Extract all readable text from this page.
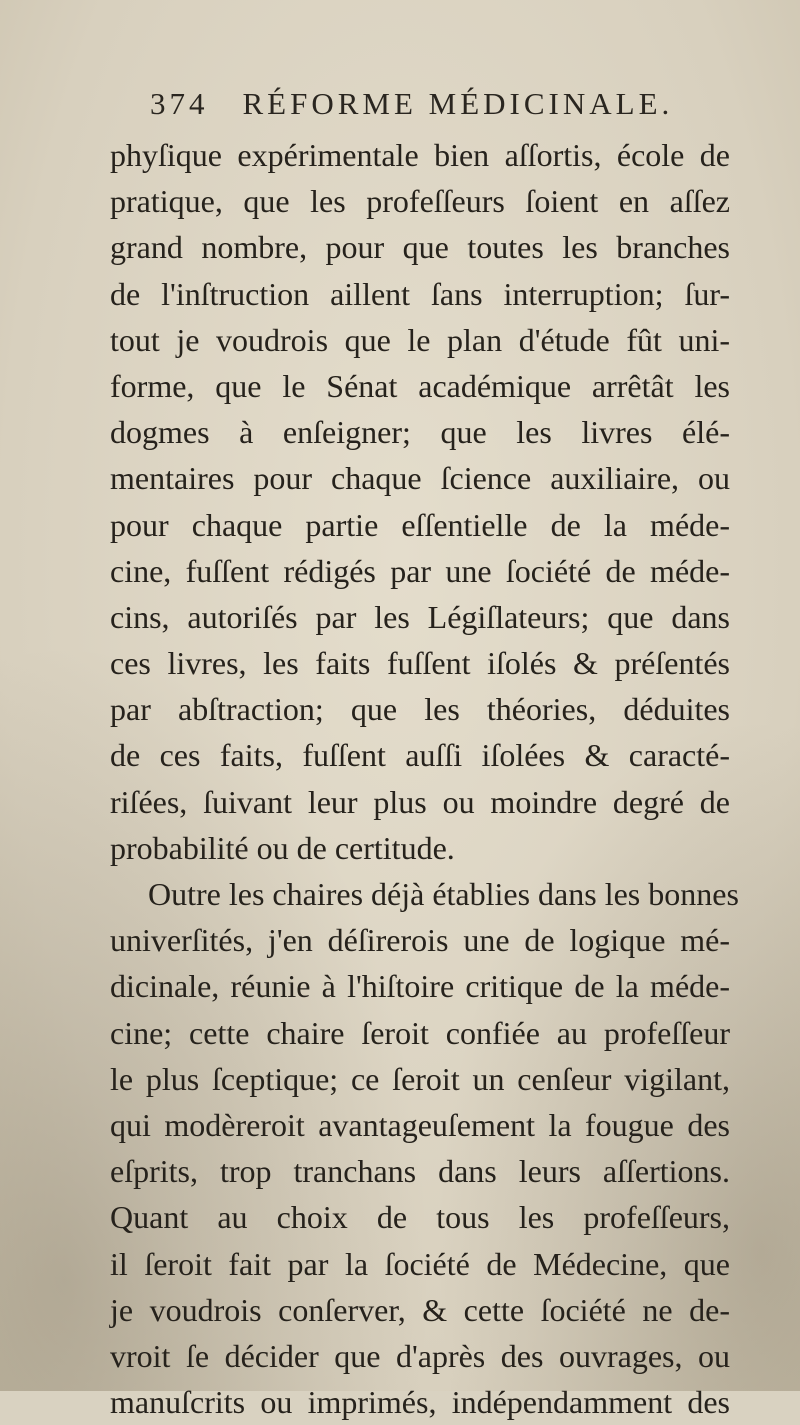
374 RÉFORME MÉDICINALE.
phyſique expérimentale bien aſſortis, école de
pratique, que les profeſſeurs ſoient en aſſez
grand nombre, pour que toutes les branches
de l'inſtruction aillent ſans interruption; ſur-
tout je voudrois que le plan d'étude fût uni-
forme, que le Sénat académique arrêtât les
dogmes à enſeigner; que les livres élé-
mentaires pour chaque ſcience auxiliaire, ou
pour chaque partie eſſentielle de la méde-
cine, fuſſent rédigés par une ſociété de méde-
cins, autoriſés par les Légiſlateurs; que dans
ces livres, les faits fuſſent iſolés & préſentés
par abſtraction; que les théories, déduites
de ces faits, fuſſent auſſi iſolées & caracté-
riſées, ſuivant leur plus ou moindre degré de
probabilité ou de certitude.
Outre les chaires déjà établies dans les bonnes
univerſités, j'en déſirerois une de logique mé-
dicinale, réunie à l'hiſtoire critique de la méde-
cine; cette chaire ſeroit confiée au profeſſeur
le plus ſceptique; ce ſeroit un cenſeur vigilant,
qui modèreroit avantageuſement la fougue des
eſprits, trop tranchans dans leurs aſſertions.
Quant au choix de tous les profeſſeurs,
il ſeroit fait par la ſociété de Médecine, que
je voudrois conſerver, & cette ſociété ne de-
vroit ſe décider que d'après des ouvrages, ou
manuſcrits ou imprimés, indépendamment des
